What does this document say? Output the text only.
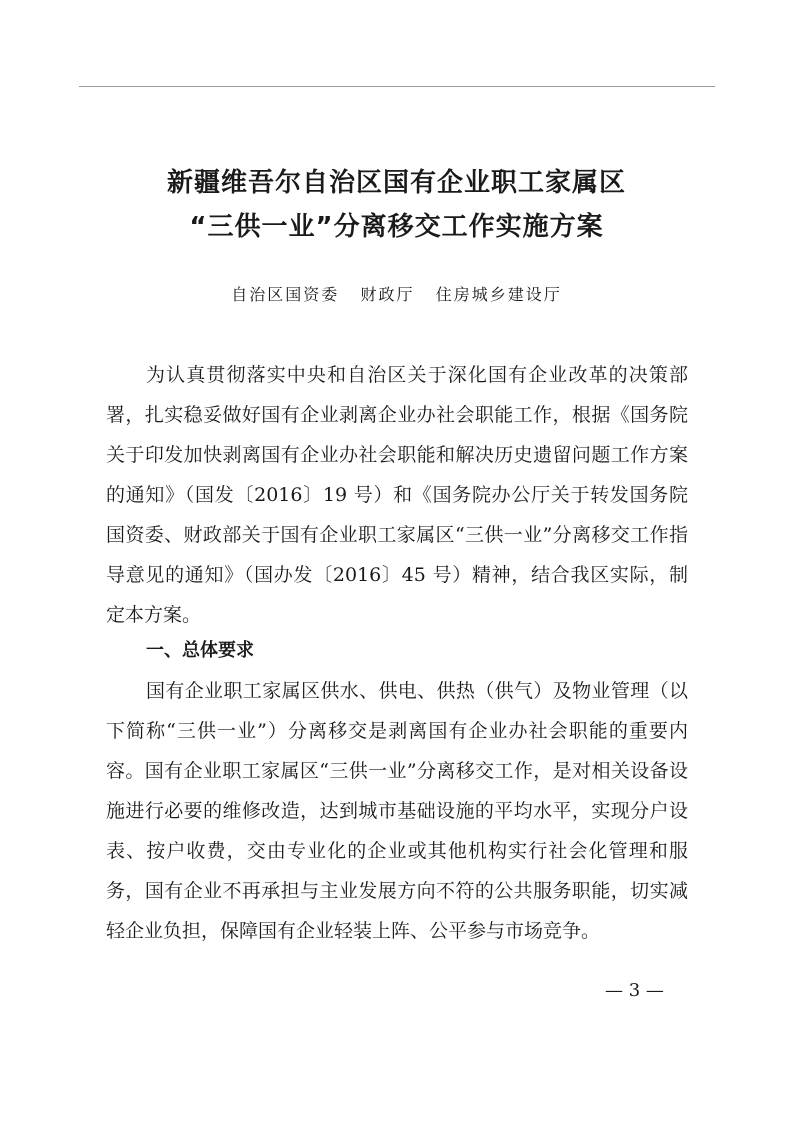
新疆维吾尔自治区国有企业职工家属区
“三供一业”分离移交工作实施方案
自治区国资委   财政厅   住房城乡建设厅

为认真贯彻落实中央和自治区关于深化国有企业改革的决策部署，扎实稳妥做好国有企业剥离企业办社会职能工作，根据《国务院关于印发加快剥离国有企业办社会职能和解决历史遗留问题工作方案的通知》（国发〔2016〕19 号）和《国务院办公厅关于转发国务院国资委、财政部关于国有企业职工家属区“三供一业”分离移交工作指导意见的通知》（国办发〔2016〕45 号）精神，结合我区实际，制定本方案。

一、总体要求

国有企业职工家属区供水、供电、供热（供气）及物业管理（以下简称“三供一业”）分离移交是剥离国有企业办社会职能的重要内容。国有企业职工家属区“三供一业”分离移交工作，是对相关设备设施进行必要的维修改造，达到城市基础设施的平均水平，实现分户设表、按户收费，交由专业化的企业或其他机构实行社会化管理和服务，国有企业不再承担与主业发展方向不符的公共服务职能，切实减轻企业负担，保障国有企业轻装上阵、公平参与市场竞争。

— 3 —
